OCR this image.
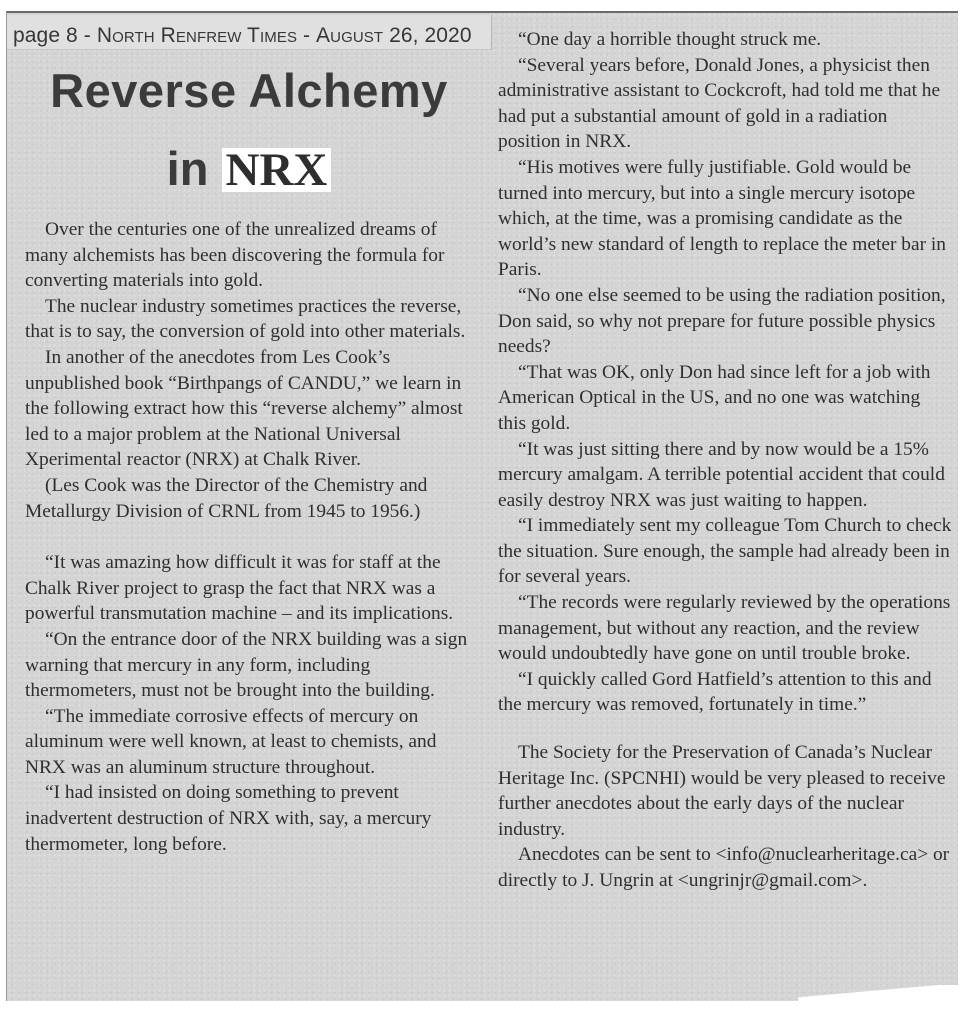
page 8 - North Renfrew Times - August 26, 2020
Reverse Alchemy
in NRX

Over the centuries one of the unrealized dreams of many alchemists has been discovering the formula for converting materials into gold.

The nuclear industry sometimes practices the reverse, that is to say, the conversion of gold into other materials.

In another of the anecdotes from Les Cook’s unpublished book “Birthpangs of CANDU,” we learn in the following extract how this “reverse alchemy” almost led to a major problem at the National Universal Xperimental reactor (NRX) at Chalk River.

(Les Cook was the Director of the Chemistry and Metallurgy Division of CRNL from 1945 to 1956.)

“It was amazing how difficult it was for staff at the Chalk River project to grasp the fact that NRX was a powerful transmutation machine – and its implications.

“On the entrance door of the NRX building was a sign warning that mercury in any form, including thermometers, must not be brought into the building.

“The immediate corrosive effects of mercury on aluminum were well known, at least to chemists, and NRX was an aluminum structure throughout.

“I had insisted on doing something to prevent inadvertent destruction of NRX with, say, a mercury thermometer, long before.

“One day a horrible thought struck me.

“Several years before, Donald Jones, a physicist then administrative assistant to Cockcroft, had told me that he had put a substantial amount of gold in a radiation position in NRX.

“His motives were fully justifiable. Gold would be turned into mercury, but into a single mercury isotope which, at the time, was a promising candidate as the world’s new standard of length to replace the meter bar in Paris.

“No one else seemed to be using the radiation position, Don said, so why not prepare for future possible physics needs?

“That was OK, only Don had since left for a job with American Optical in the US, and no one was watching this gold.

“It was just sitting there and by now would be a 15% mercury amalgam. A terrible potential accident that could easily destroy NRX was just waiting to happen.

“I immediately sent my colleague Tom Church to check the situation. Sure enough, the sample had already been in for several years.

“The records were regularly reviewed by the operations management, but without any reaction, and the review would undoubtedly have gone on until trouble broke.

“I quickly called Gord Hatfield’s attention to this and the mercury was removed, fortunately in time.”

The Society for the Preservation of Canada’s Nuclear Heritage Inc. (SPCNHI) would be very pleased to receive further anecdotes about the early days of the nuclear industry.

Anecdotes can be sent to <info@nuclearheritage.ca> or directly to J. Ungrin at <ungrinjr@gmail.com>.
